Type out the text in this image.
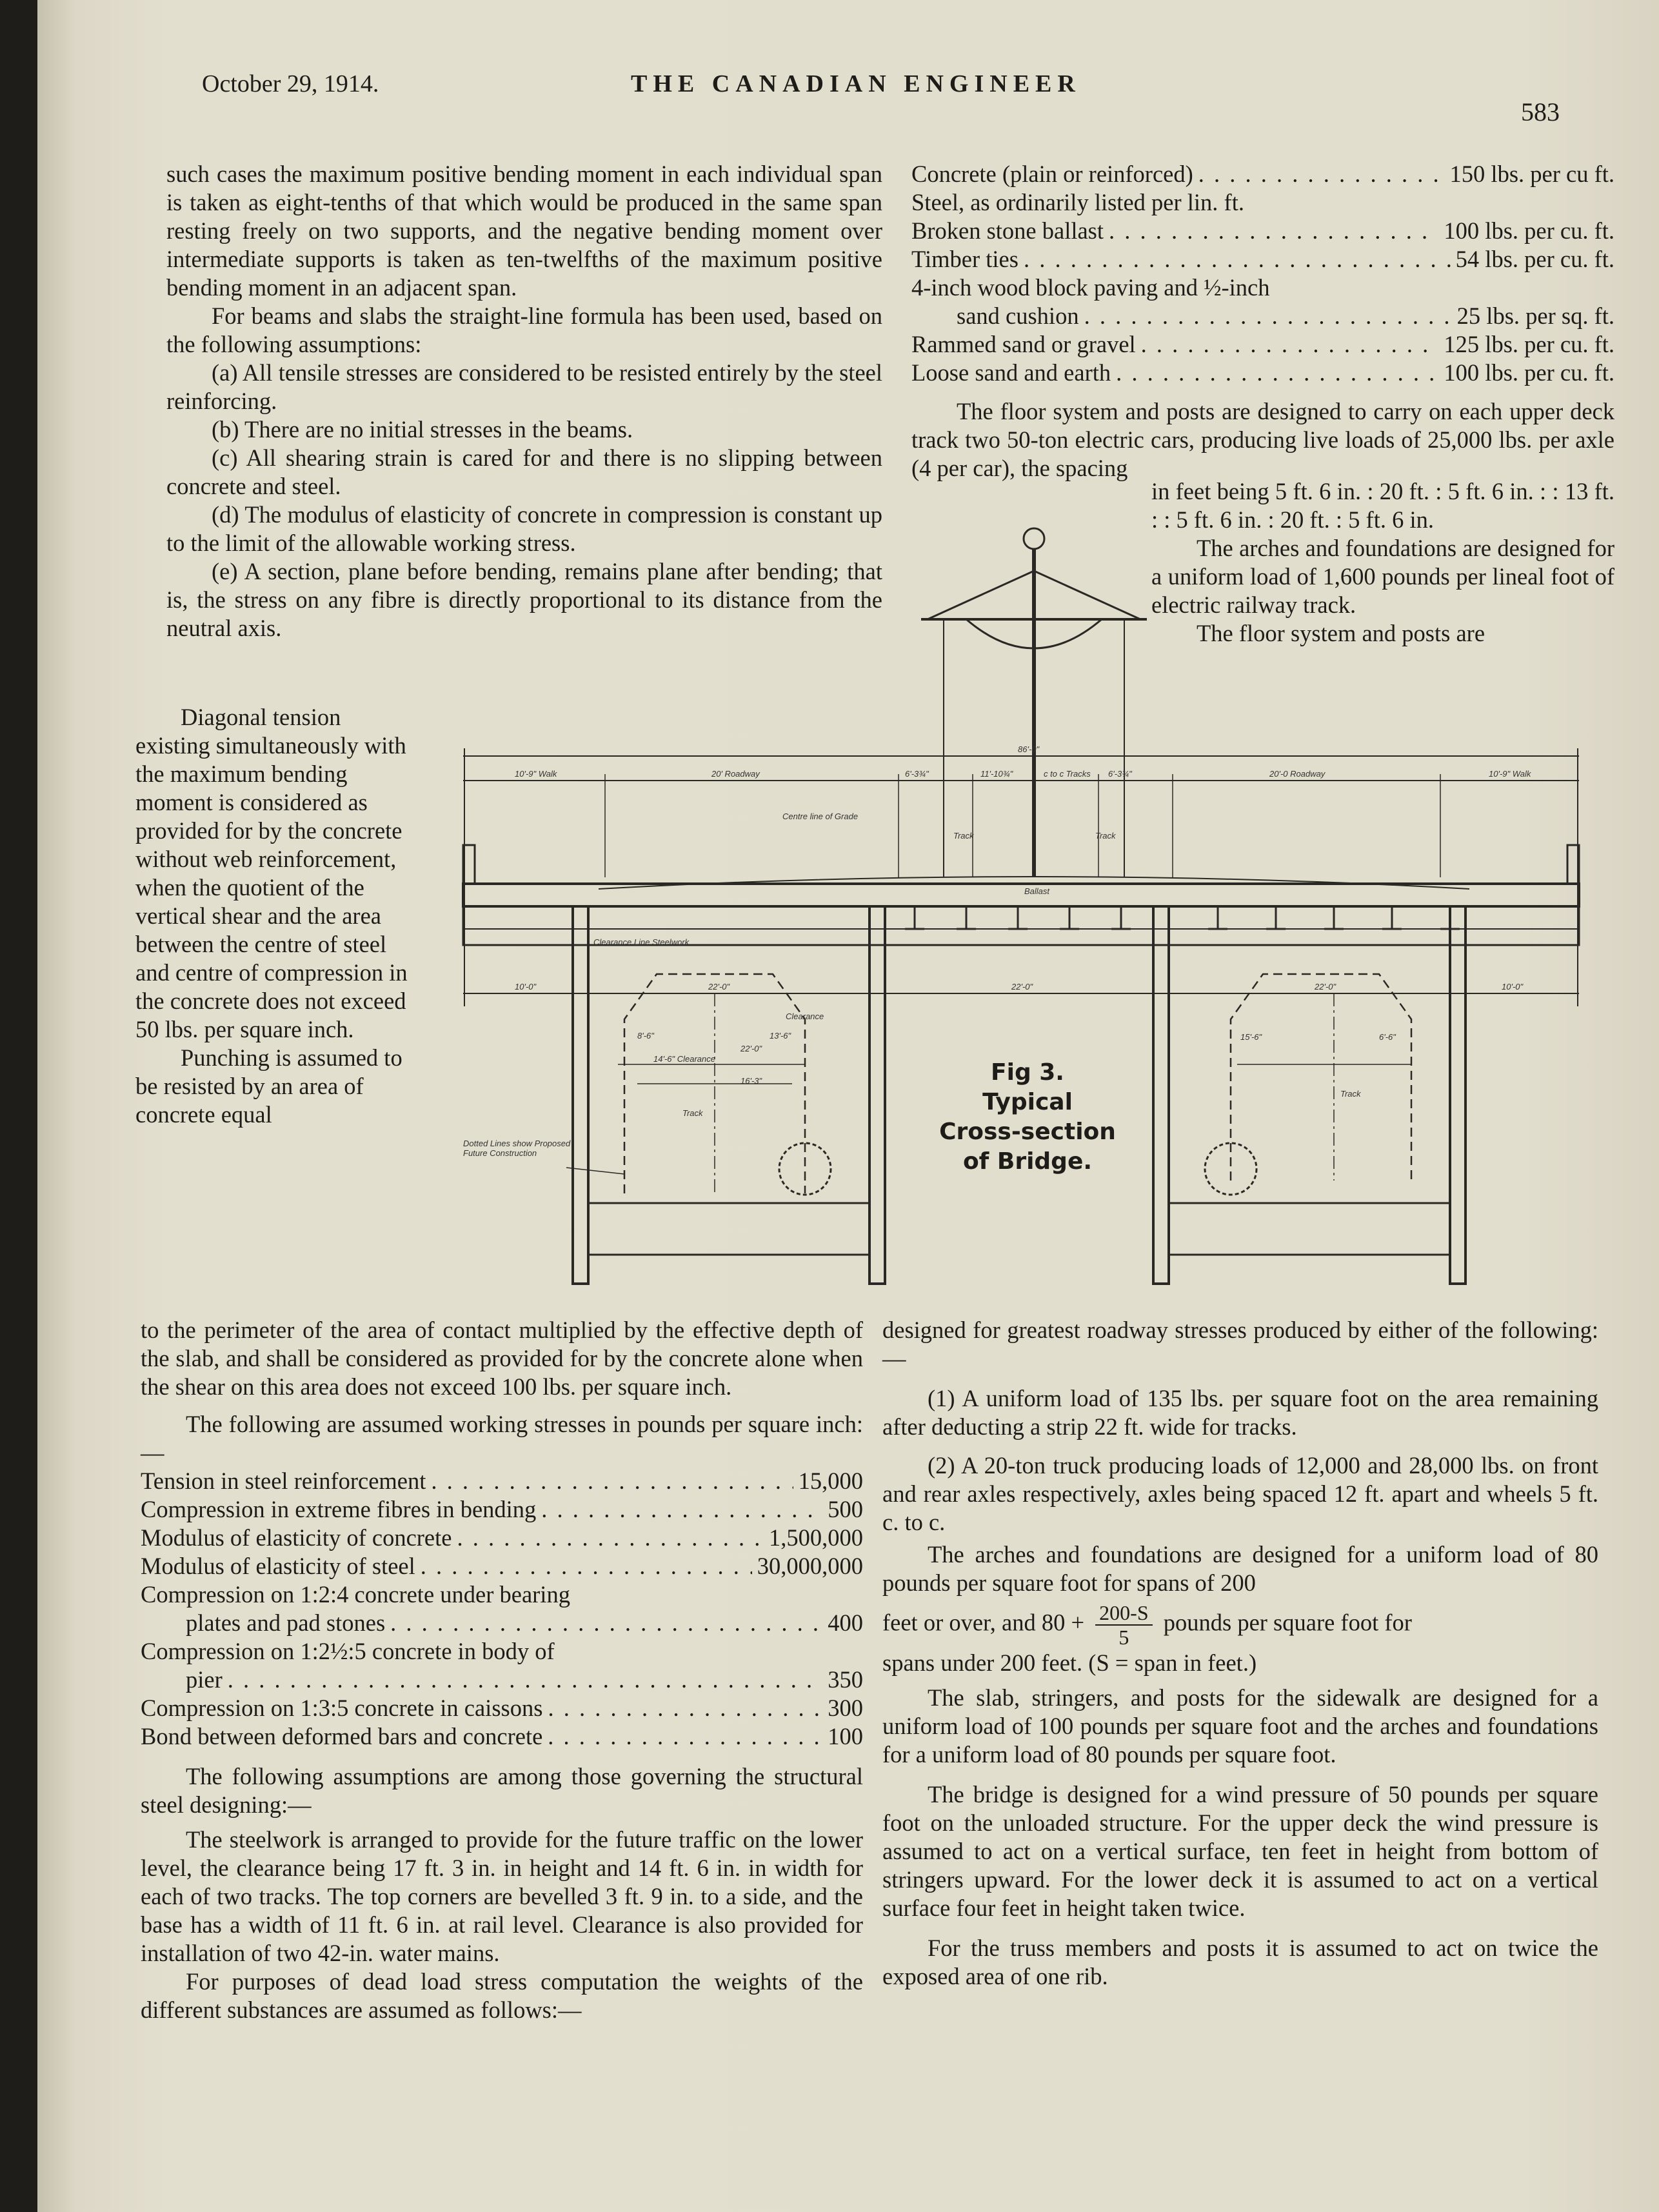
October 29, 1914.	THE CANADIAN ENGINEER
583

such cases the maximum positive bending moment in each individual span is taken as eight-tenths of that which would be produced in the same span resting freely on two supports, and the negative bending moment over intermediate supports is taken as ten-twelfths of the maximum positive bending moment in an adjacent span.

For beams and slabs the straight-line formula has been used, based on the following assumptions:

(a) All tensile stresses are considered to be resisted entirely by the steel reinforcing.

(b) There are no initial stresses in the beams.

(c) All shearing strain is cared for and there is no slipping between concrete and steel.

(d) The modulus of elasticity of concrete in compression is constant up to the limit of the allowable working stress.

(e) A section, plane before bending, remains plane after bending; that is, the stress on any fibre is directly proportional to its distance from the neutral axis.

Diagonal tension existing simultaneously with the maximum bending moment is considered as provided for by the concrete without web reinforcement, when the quotient of the vertical shear and the area between the centre of steel and centre of compression in the concrete does not exceed 50 lbs. per square inch.

Punching is assumed to be resisted by an area of concrete equal

to the perimeter of the area of contact multiplied by the effective depth of the slab, and shall be considered as provided for by the concrete alone when the shear on this area does not exceed 100 lbs. per square inch.

The following are assumed working stresses in pounds per square inch:—

Tension in steel reinforcement . . .	15,000
Compression in extreme fibres in bending . . .	500
Modulus of elasticity of concrete . . .	1,500,000
Modulus of elasticity of steel . . .	30,000,000
Compression on 1:2:4 concrete under bearing
plates and pad stones . . .	400
Compression on 1:2½:5 concrete in body of
pier . . .	350
Compression on 1:3:5 concrete in caissons . . .	300
Bond between deformed bars and concrete . . .	100

The following assumptions are among those governing the structural steel designing:—

The steelwork is arranged to provide for the future traffic on the lower level, the clearance being 17 ft. 3 in. in height and 14 ft. 6 in. in width for each of two tracks. The top corners are bevelled 3 ft. 9 in. to a side, and the base has a width of 11 ft. 6 in. at rail level. Clearance is also provided for installation of two 42-in. water mains.

For purposes of dead load stress computation the weights of the different substances are assumed as follows:—

Concrete (plain or reinforced) . . .	150 lbs. per cu ft.
Steel, as ordinarily listed per lin. ft.
Broken stone ballast . . .	100 lbs. per cu. ft.
Timber ties . . .	54 lbs. per cu. ft.
4-inch wood block paving and ½-inch
sand cushion . . .	25 lbs. per sq. ft.
Rammed sand or gravel . . .	125 lbs. per cu. ft.
Loose sand and earth . . .	100 lbs. per cu. ft.

The floor system and posts are designed to carry on each upper deck track two 50-ton electric cars, producing live loads of 25,000 lbs. per axle (4 per car), the spacing

in feet being 5 ft. 6 in. : 20 ft. : 5 ft. 6 in. : : 13 ft. : : 5 ft. 6 in. : 20 ft. : 5 ft. 6 in.

The arches and foundations are designed for a uniform load of 1,600 pounds per lineal foot of electric railway track.

The floor system and posts are

10'-9" Walk	20' Roadway	6'-3¾"	11'-10¾"	c to c Tracks 6'-3¾"	20'-0 Roadway	10'-9" Walk
86'-0"
10'-0"	22'-0"	22'-0"	22'-0"	10'-0"
Ballast
Clearance Line Steelwork
14'-6" Clearance
8'-6"	13'-6"	15'-6"	6'-6"
22'-0"
16'-3"
Track
Track
Clearance
Track	Track
Centre line of Grade
Dotted Lines show Proposed Future Construction
Fig 3.
Typical
Cross-section
of Bridge.

designed for greatest roadway stresses produced by either of the following:—

(1) A uniform load of 135 lbs. per square foot on the area remaining after deducting a strip 22 ft. wide for tracks.

(2) A 20-ton truck producing loads of 12,000 and 28,000 lbs. on front and rear axles respectively, axles being spaced 12 ft. apart and wheels 5 ft. c. to c.

The arches and foundations are designed for a uniform load of 80 pounds per square foot for spans of 200

feet or over, and $80 + \frac{200-S}{5}$ pounds per square foot for

spans under 200 feet. (S = span in feet.)

The slab, stringers, and posts for the sidewalk are designed for a uniform load of 100 pounds per square foot and the arches and foundations for a uniform load of 80 pounds per square foot.

The bridge is designed for a wind pressure of 50 pounds per square foot on the unloaded structure. For the upper deck the wind pressure is assumed to act on a vertical surface, ten feet in height from bottom of stringers upward. For the lower deck it is assumed to act on a vertical surface four feet in height taken twice.

For the truss members and posts it is assumed to act on twice the exposed area of one rib.
